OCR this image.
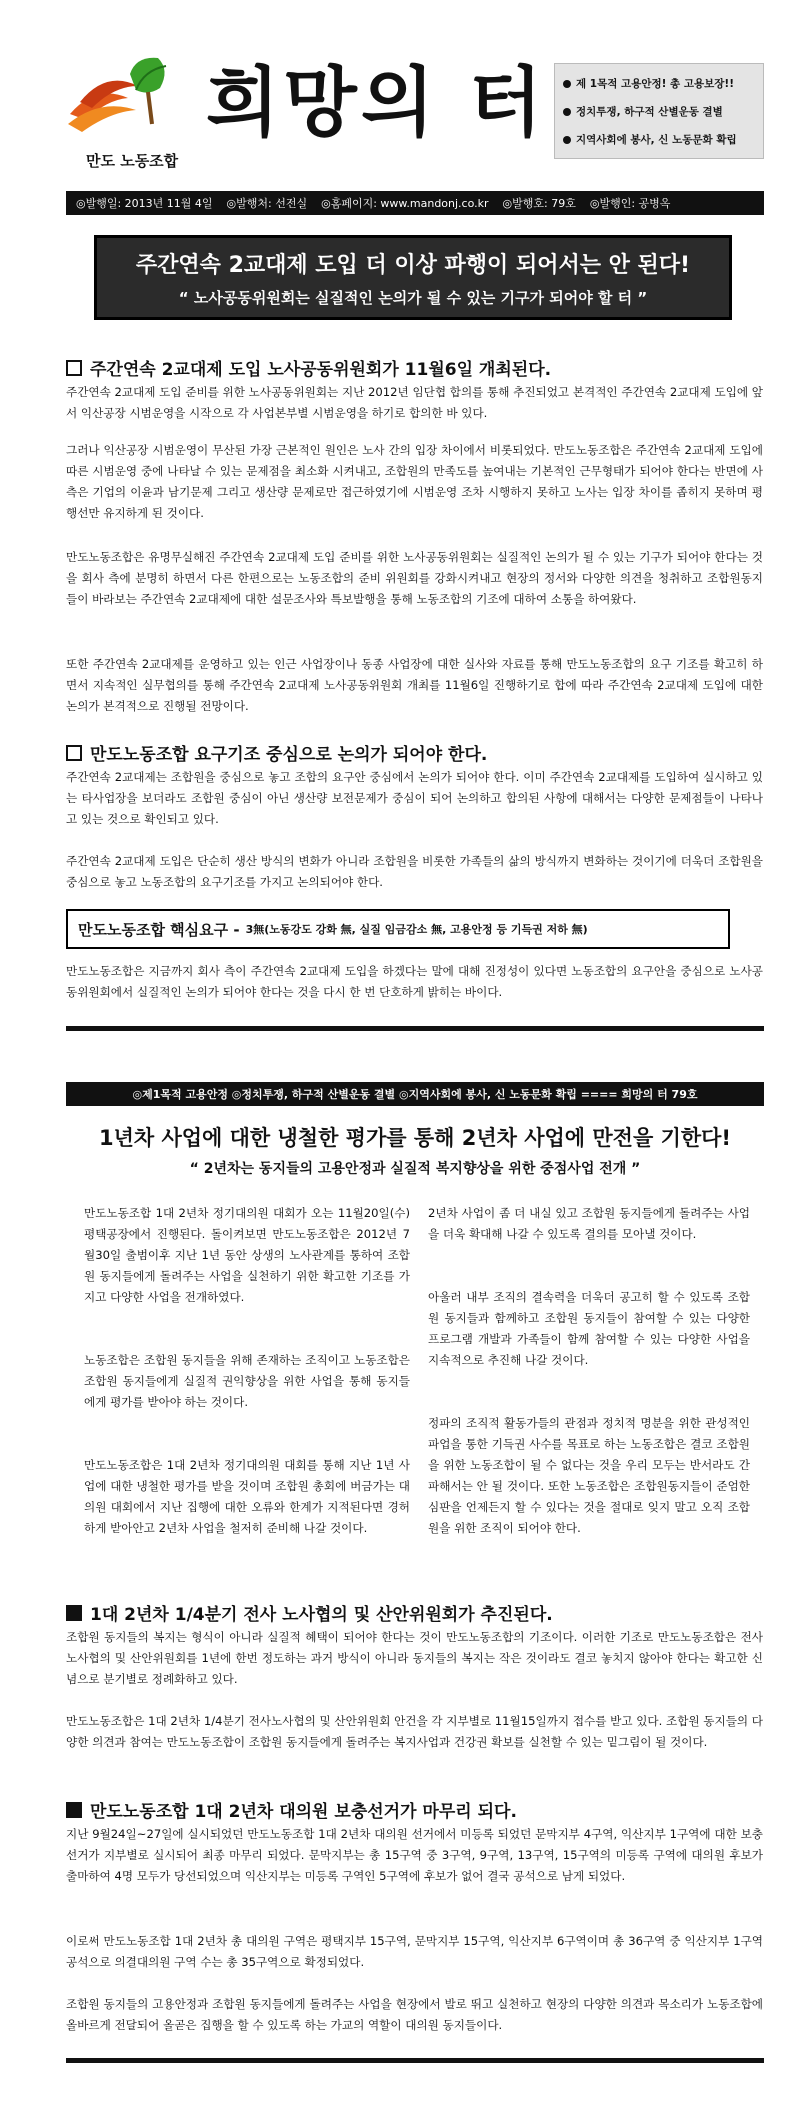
만도 노동조합
희망의 터	제 1목적 고용안정! 총 고용보장!!
정치투쟁, 하구적 산별운동 결별
지역사회에 봉사, 신 노동문화 확립
◎발행일: 2013년 11월 4일 ◎발행처: 선전실 ◎홈페이지: www.mandonj.co.kr ◎발행호: 79호 ◎발행인: 공병옥
주간연속 2교대제 도입 더 이상 파행이 되어서는 안 된다!
“ 노사공동위원회는 실질적인 논의가 될 수 있는 기구가 되어야 할 터 ”
주간연속 2교대제 도입 노사공동위원회가 11월6일 개최된다.
주간연속 2교대제 도입 준비를 위한 노사공동위원회는 지난 2012년 임단협 합의를 통해 추진되었고 본격적인 주간연속 2교대제 도입에 앞서 익산공장 시범운영을 시작으로 각 사업본부별 시범운영을 하기로 합의한 바 있다.
그러나 익산공장 시범운영이 무산된 가장 근본적인 원인은 노사 간의 입장 차이에서 비롯되었다. 만도노동조합은 주간연속 2교대제 도입에 따른 시범운영 중에 나타날 수 있는 문제점을 최소화 시켜내고, 조합원의 만족도를 높여내는 기본적인 근무형태가 되어야 한다는 반면에 사측은 기업의 이윤과 남기문제 그리고 생산량 문제로만 접근하였기에 시범운영 조차 시행하지 못하고 노사는 입장 차이를 좁히지 못하며 평행선만 유지하게 된 것이다.
만도노동조합은 유명무실해진 주간연속 2교대제 도입 준비를 위한 노사공동위원회는 실질적인 논의가 될 수 있는 기구가 되어야 한다는 것을 회사 측에 분명히 하면서 다른 한편으로는 노동조합의 준비 위원회를 강화시켜내고 현장의 정서와 다양한 의견을 청취하고 조합원동지들이 바라보는 주간연속 2교대제에 대한 설문조사와 특보발행을 통해 노동조합의 기조에 대하여 소통을 하여왔다.
또한 주간연속 2교대제를 운영하고 있는 인근 사업장이나 동종 사업장에 대한 실사와 자료를 통해 만도노동조합의 요구 기조를 확고히 하면서 지속적인 실무협의를 통해 주간연속 2교대제 노사공동위원회 개최를 11월6일 진행하기로 합에 따라 주간연속 2교대제 도입에 대한 논의가 본격적으로 진행될 전망이다.
만도노동조합 요구기조 중심으로 논의가 되어야 한다.
주간연속 2교대제는 조합원을 중심으로 놓고 조합의 요구안 중심에서 논의가 되어야 한다. 이미 주간연속 2교대제를 도입하여 실시하고 있는 타사업장을 보더라도 조합원 중심이 아닌 생산량 보전문제가 중심이 되어 논의하고 합의된 사항에 대해서는 다양한 문제점들이 나타나고 있는 것으로 확인되고 있다.
주간연속 2교대제 도입은 단순히 생산 방식의 변화가 아니라 조합원을 비롯한 가족들의 삶의 방식까지 변화하는 것이기에 더욱더 조합원을 중심으로 놓고 노동조합의 요구기조를 가지고 논의되어야 한다.
만도노동조합 핵심요구 - 3無(노동강도 강화 無, 실질 임금감소 無, 고용안정 등 기득권 저하 無)
만도노동조합은 지금까지 회사 측이 주간연속 2교대제 도입을 하겠다는 말에 대해 진정성이 있다면 노동조합의 요구안을 중심으로 노사공동위원회에서 실질적인 논의가 되어야 한다는 것을 다시 한 번 단호하게 밝히는 바이다.
◎제1목적 고용안정 ◎정치투쟁, 하구적 산별운동 결별 ◎지역사회에 봉사, 신 노동문화 확립 ==== 희망의 터 79호
1년차 사업에 대한 냉철한 평가를 통해 2년차 사업에 만전을 기한다!
“ 2년차는 동지들의 고용안정과 실질적 복지향상을 위한 중점사업 전개 ”
만도노동조합 1대 2년차 정기대의원 대회가 오는 11월20일(수) 평택공장에서 진행된다. 돌이켜보면 만도노동조합은 2012년 7월30일 출범이후 지난 1년 동안 상생의 노사관계를 통하여 조합원 동지들에게 돌려주는 사업을 실천하기 위한 확고한 기조를 가지고 다양한 사업을 전개하였다.
노동조합은 조합원 동지들을 위해 존재하는 조직이고 노동조합은 조합원 동지들에게 실질적 권익향상을 위한 사업을 통해 동지들에게 평가를 받아야 하는 것이다.
만도노동조합은 1대 2년차 정기대의원 대회를 통해 지난 1년 사업에 대한 냉철한 평가를 받을 것이며 조합원 총회에 버금가는 대의원 대회에서 지난 집행에 대한 오류와 한계가 지적된다면 경허하게 받아안고 2년차 사업을 철저히 준비해 나갈 것이다.
2년차 사업이 좀 더 내실 있고 조합원 동지들에게 돌려주는 사업을 더욱 확대해 나갈 수 있도록 결의를 모아낼 것이다.
아울러 내부 조직의 결속력을 더욱더 공고히 할 수 있도록 조합원 동지들과 함께하고 조합원 동지들이 참여할 수 있는 다양한 프로그램 개발과 가족들이 함께 참여할 수 있는 다양한 사업을 지속적으로 추진해 나갈 것이다.
정파의 조직적 활동가들의 관점과 정치적 명분을 위한 관성적인 파업을 통한 기득권 사수를 목표로 하는 노동조합은 결코 조합원을 위한 노동조합이 될 수 없다는 것을 우리 모두는 반서라도 간파해서는 안 될 것이다. 또한 노동조합은 조합원동지들이 준엄한 심판을 언제든지 할 수 있다는 것을 절대로 잊지 말고 오직 조합원을 위한 조직이 되어야 한다.
1대 2년차 1/4분기 전사 노사협의 및 산안위원회가 추진된다.
조합원 동지들의 복지는 형식이 아니라 실질적 혜택이 되어야 한다는 것이 만도노동조합의 기조이다. 이러한 기조로 만도노동조합은 전사 노사협의 및 산안위원회를 1년에 한번 정도하는 과거 방식이 아니라 동지들의 복지는 작은 것이라도 결코 놓치지 않아야 한다는 확고한 신념으로 분기별로 정례화하고 있다.
만도노동조합은 1대 2년차 1/4분기 전사노사협의 및 산안위원회 안건을 각 지부별로 11월15일까지 접수를 받고 있다. 조합원 동지들의 다양한 의견과 참여는 만도노동조합이 조합원 동지들에게 돌려주는 복지사업과 건강권 확보를 실천할 수 있는 밑그림이 될 것이다.
만도노동조합 1대 2년차 대의원 보충선거가 마무리 되다.
지난 9월24일~27일에 실시되었던 만도노동조합 1대 2년차 대의원 선거에서 미등록 되었던 문막지부 4구역, 익산지부 1구역에 대한 보충선거가 지부별로 실시되어 최종 마무리 되었다. 문막지부는 총 15구역 중 3구역, 9구역, 13구역, 15구역의 미등록 구역에 대의원 후보가 출마하여 4명 모두가 당선되었으며 익산지부는 미등록 구역인 5구역에 후보가 없어 결국 공석으로 남게 되었다.
이로써 만도노동조합 1대 2년차 총 대의원 구역은 평택지부 15구역, 문막지부 15구역, 익산지부 6구역이며 총 36구역 중 익산지부 1구역 공석으로 의결대의원 구역 수는 총 35구역으로 확정되었다.
조합원 동지들의 고용안정과 조합원 동지들에게 돌려주는 사업을 현장에서 발로 뛰고 실천하고 현장의 다양한 의견과 목소리가 노동조합에 올바르게 전달되어 올곧은 집행을 할 수 있도록 하는 가교의 역할이 대의원 동지들이다.
